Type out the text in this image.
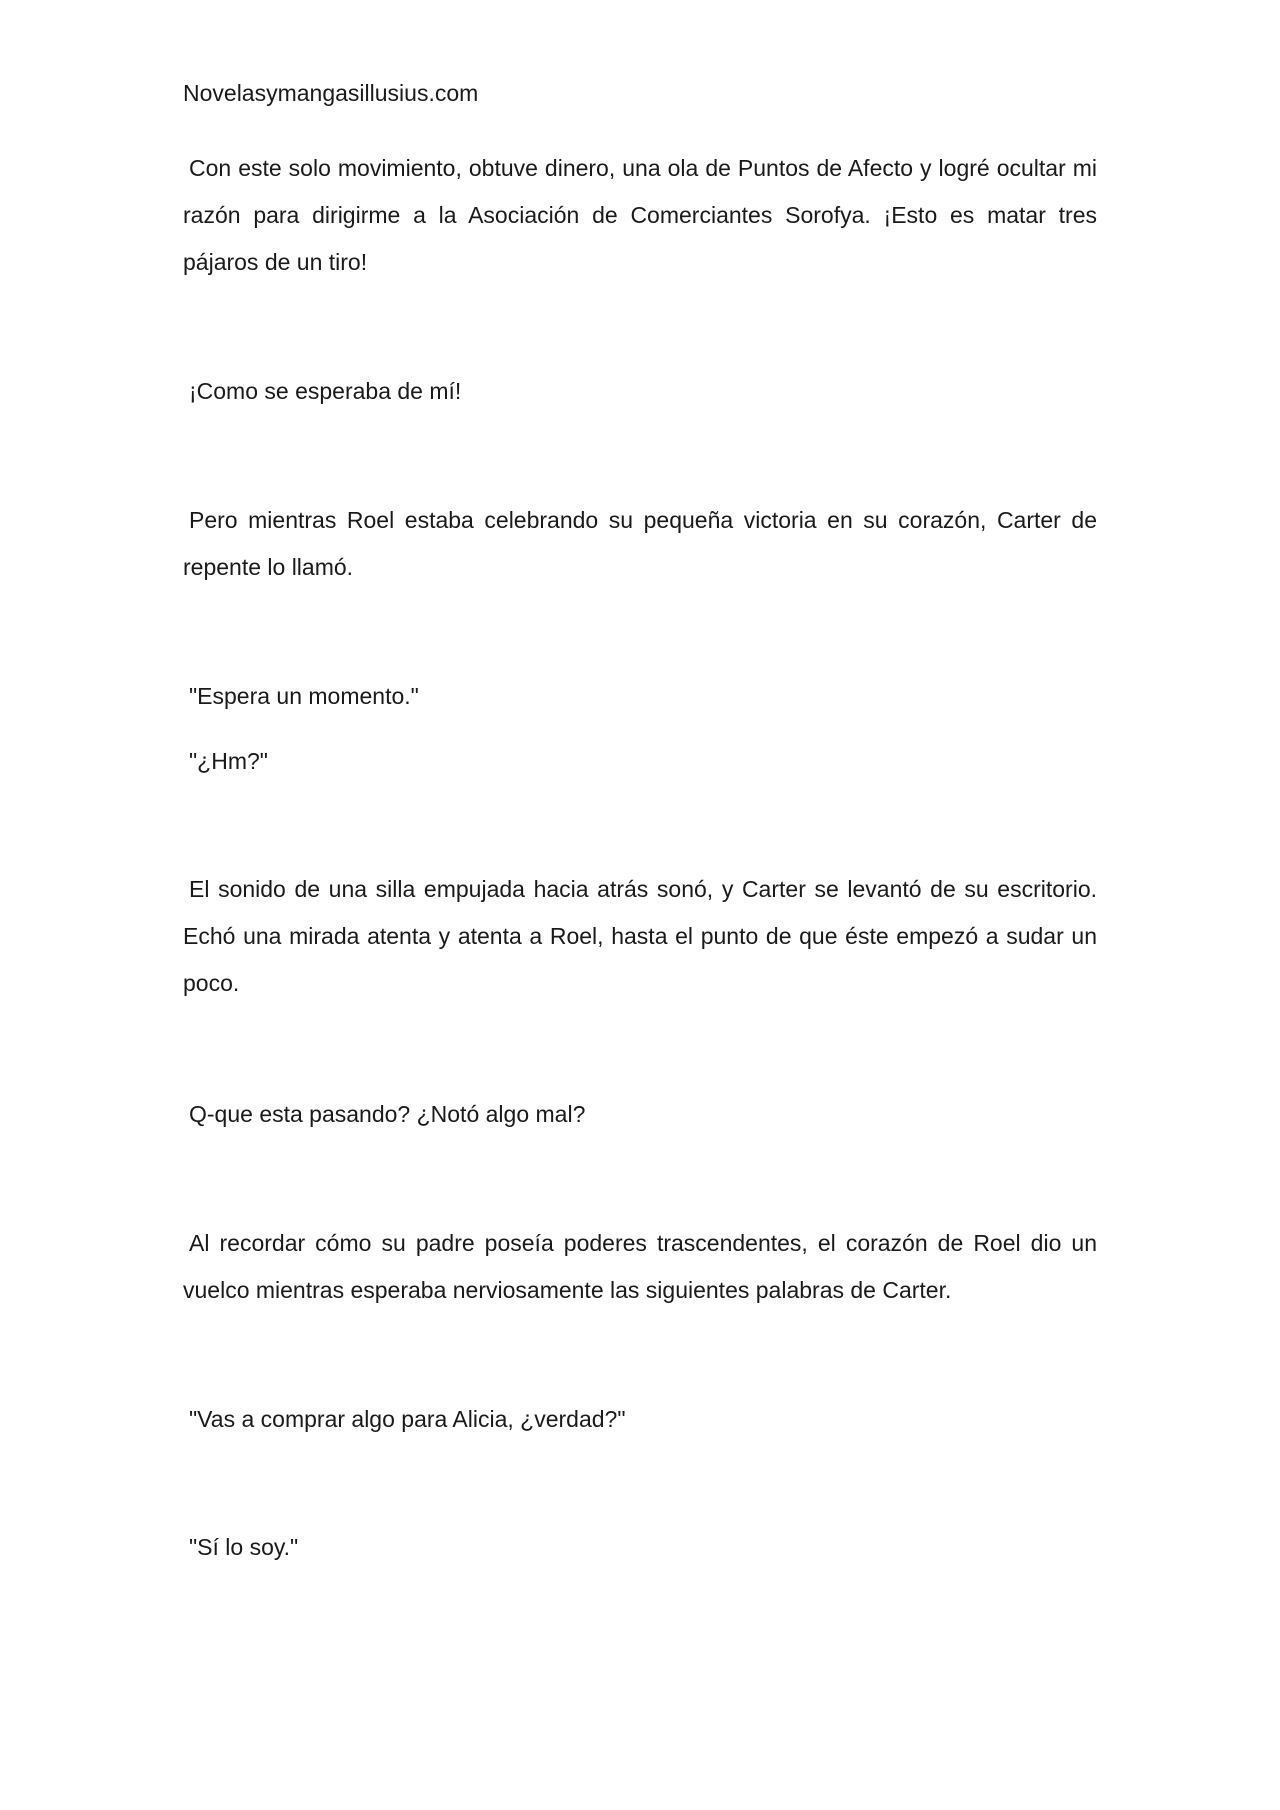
Novelasymangasillusius.com

Con este solo movimiento, obtuve dinero, una ola de Puntos de Afecto y logré ocultar mi razón para dirigirme a la Asociación de Comerciantes Sorofya. ¡Esto es matar tres pájaros de un tiro!

¡Como se esperaba de mí!

Pero mientras Roel estaba celebrando su pequeña victoria en su corazón, Carter de repente lo llamó.

"Espera un momento."

"¿Hm?"

El sonido de una silla empujada hacia atrás sonó, y Carter se levantó de su escritorio. Echó una mirada atenta y atenta a Roel, hasta el punto de que éste empezó a sudar un poco.

Q-que esta pasando? ¿Notó algo mal?

Al recordar cómo su padre poseía poderes trascendentes, el corazón de Roel dio un vuelco mientras esperaba nerviosamente las siguientes palabras de Carter.

"Vas a comprar algo para Alicia, ¿verdad?"

"Sí lo soy."
